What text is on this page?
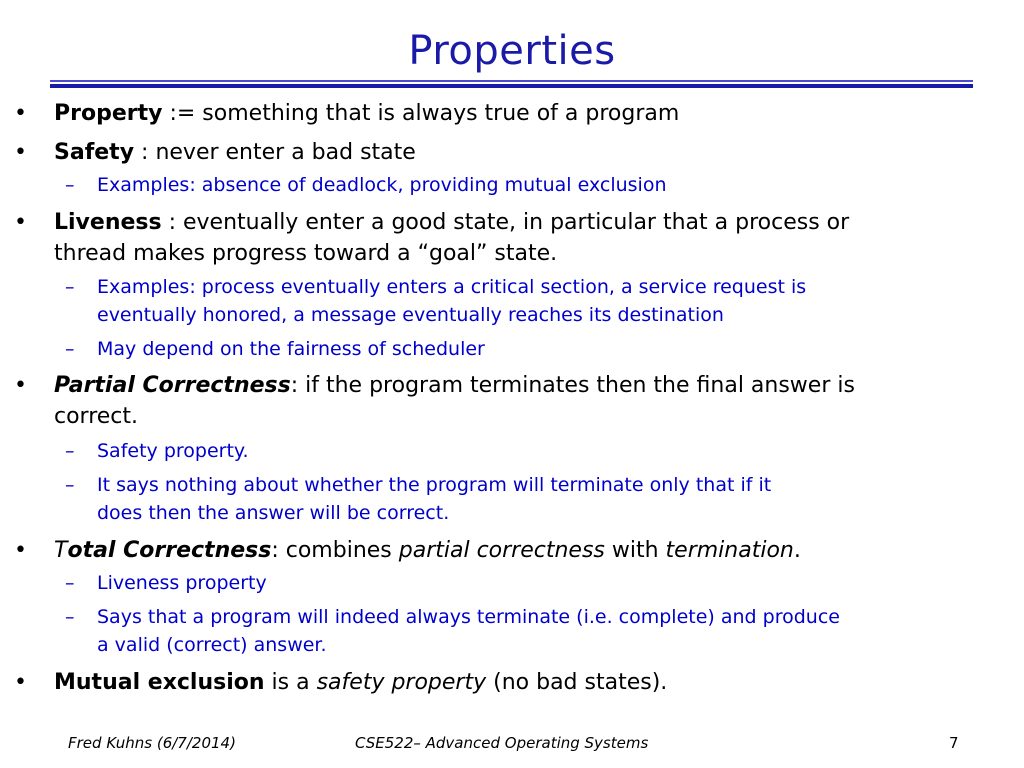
Properties
•	Property := something that is always true of a program
•	Safety : never enter a bad state
–	Examples: absence of deadlock, providing mutual exclusion
•	Liveness : eventually enter a good state, in particular that a process or
thread makes progress toward a “goal” state.
–	Examples: process eventually enters a critical section, a service request is
eventually honored, a message eventually reaches its destination
–	May depend on the fairness of scheduler
•	Partial Correctness: if the program terminates then the final answer is
correct.
–	Safety property.
–	It says nothing about whether the program will terminate only that if it
does then the answer will be correct.
•	Total Correctness: combines partial correctness with termination.
–	Liveness property
–	Says that a program will indeed always terminate (i.e. complete) and produce
a valid (correct) answer.
•	Mutual exclusion is a safety property (no bad states).
Fred Kuhns (6/7/2014)	CSE522– Advanced Operating Systems	7
